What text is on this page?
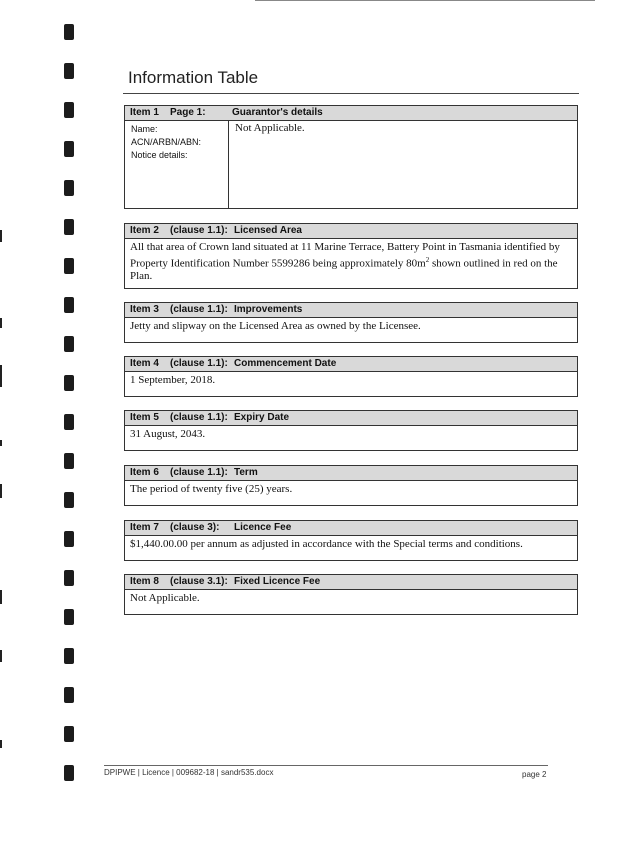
Information Table
Item 1 Page 1:	Guarantor's details
Name:
ACN/ARBN/ABN:
Notice details:
Not Applicable.
Item 2 (clause 1.1): Licensed Area
All that area of Crown land situated at 11 Marine Terrace, Battery Point in Tasmania identified by Property Identification Number 5599286 being approximately $80m^2$ shown outlined in red on the Plan.
Item 3 (clause 1.1): Improvements
Jetty and slipway on the Licensed Area as owned by the Licensee.
Item 4 (clause 1.1): Commencement Date
1 September, 2018.
Item 5 (clause 1.1): Expiry Date
31 August, 2043.
Item 6 (clause 1.1): Term
The period of twenty five (25) years.
Item 7 (clause 3): Licence Fee
$1,440.00.00 per annum as adjusted in accordance with the Special terms and conditions.
Item 8 (clause 3.1): Fixed Licence Fee
Not Applicable.
DPIPWE | Licence | 009682-18 | sandr535.docx	page 2
